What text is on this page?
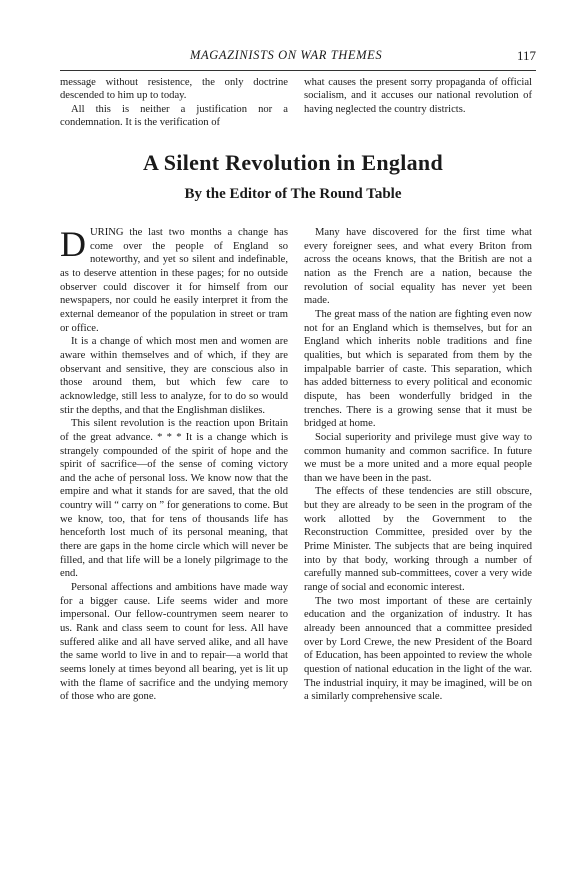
MAGAZINISTS ON WAR THEMES	117

message without resistence, the only doctrine descended to him up to today.

All this is neither a justification nor a condemnation. It is the verification of

what causes the present sorry propaganda of official socialism, and it accuses our national revolution of having neglected the country districts.

A Silent Revolution in England
By the Editor of The Round Table

DURING the last two months a change has come over the people of England so noteworthy, and yet so silent and indefinable, as to deserve attention in these pages; for no outside observer could discover it for himself from our newspapers, nor could he easily interpret it from the external demeanor of the population in street or tram or office.

It is a change of which most men and women are aware within themselves and of which, if they are observant and sensitive, they are conscious also in those around them, but which few care to acknowledge, still less to analyze, for to do so would stir the depths, and that the Englishman dislikes.

This silent revolution is the reaction upon Britain of the great advance. * * * It is a change which is strangely compounded of the spirit of hope and the spirit of sacrifice—of the sense of coming victory and the ache of personal loss. We know now that the empire and what it stands for are saved, that the old country will “ carry on ” for generations to come. But we know, too, that for tens of thousands life has henceforth lost much of its personal meaning, that there are gaps in the home circle which will never be filled, and that life will be a lonely pilgrimage to the end.

Personal affections and ambitions have made way for a bigger cause. Life seems wider and more impersonal. Our fellow-countrymen seem nearer to us. Rank and class seem to count for less. All have suffered alike and all have served alike, and all have the same world to live in and to repair—a world that seems lonely at times beyond all bearing, yet is lit up with the flame of sacrifice and the undying memory of those who are gone.

Many have discovered for the first time what every foreigner sees, and what every Briton from across the oceans knows, that the British are not a nation as the French are a nation, because the revolution of social equality has never yet been made.

The great mass of the nation are fighting even now not for an England which is themselves, but for an England which inherits noble traditions and fine qualities, but which is separated from them by the impalpable barrier of caste. This separation, which has added bitterness to every political and economic dispute, has been wonderfully bridged in the trenches. There is a growing sense that it must be bridged at home.

Social superiority and privilege must give way to common humanity and common sacrifice. In future we must be a more united and a more equal people than we have been in the past.

The effects of these tendencies are still obscure, but they are already to be seen in the program of the work allotted by the Government to the Reconstruction Committee, presided over by the Prime Minister. The subjects that are being inquired into by that body, working through a number of carefully manned sub-committees, cover a very wide range of social and economic interest.

The two most important of these are certainly education and the organization of industry. It has already been announced that a committee presided over by Lord Crewe, the new President of the Board of Education, has been appointed to review the whole question of national education in the light of the war. The industrial inquiry, it may be imagined, will be on a similarly comprehensive scale.
